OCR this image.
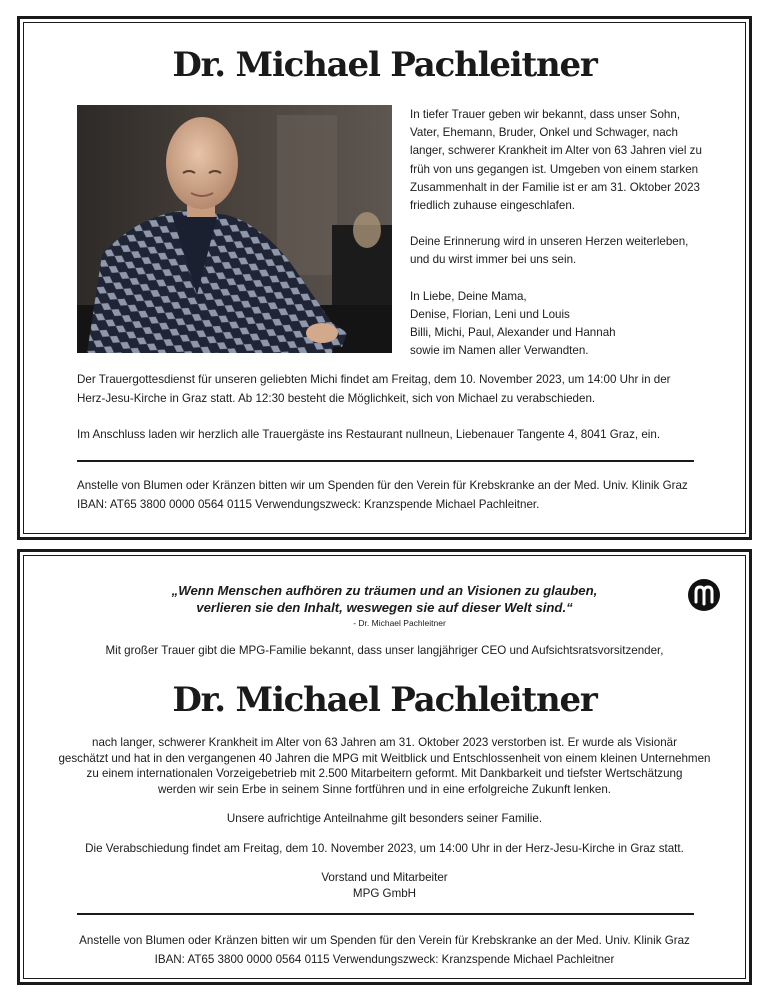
Dr. Michael Pachleitner

In tiefer Trauer geben wir bekannt, dass unser Sohn, Vater, Ehemann, Bruder, Onkel und Schwager, nach langer, schwerer Krankheit im Alter von 63 Jahren viel zu früh von uns gegangen ist. Umgeben von einem starken Zusammenhalt in der Familie ist er am 31. Oktober 2023 friedlich zuhause eingeschlafen.

Deine Erinnerung wird in unseren Herzen weiterleben, und du wirst immer bei uns sein.

In Liebe, Deine Mama,
Denise, Florian, Leni und Louis
Billi, Michi, Paul, Alexander und Hannah
sowie im Namen aller Verwandten.

Der Trauergottesdienst für unseren geliebten Michi findet am Freitag, dem 10. November 2023, um 14:00 Uhr in der Herz-Jesu-Kirche in Graz statt. Ab 12:30 besteht die Möglichkeit, sich von Michael zu verabschieden.

Im Anschluss laden wir herzlich alle Trauergäste ins Restaurant nullneun, Liebenauer Tangente 4, 8041 Graz, ein.

Anstelle von Blumen oder Kränzen bitten wir um Spenden für den Verein für Krebskranke an der Med. Univ. Klinik Graz IBAN: AT65 3800 0000 0564 0115 Verwendungszweck: Kranzspende Michael Pachleitner.
„Wenn Menschen aufhören zu träumen und an Visionen zu glauben,
verlieren sie den Inhalt, weswegen sie auf dieser Welt sind.“
- Dr. Michael Pachleitner
Mit großer Trauer gibt die MPG-Familie bekannt, dass unser langjähriger CEO und Aufsichtsratsvorsitzender,
Dr. Michael Pachleitner
nach langer, schwerer Krankheit im Alter von 63 Jahren am 31. Oktober 2023 verstorben ist. Er wurde als Visionär
geschätzt und hat in den vergangenen 40 Jahren die MPG mit Weitblick und Entschlossenheit von einem kleinen Unternehmen
zu einem internationalen Vorzeigebetrieb mit 2.500 Mitarbeitern geformt. Mit Dankbarkeit und tiefster Wertschätzung
werden wir sein Erbe in seinem Sinne fortführen und in eine erfolgreiche Zukunft lenken.
Unsere aufrichtige Anteilnahme gilt besonders seiner Familie.
Die Verabschiedung findet am Freitag, dem 10. November 2023, um 14:00 Uhr in der Herz-Jesu-Kirche in Graz statt.
Vorstand und Mitarbeiter
MPG GmbH
Anstelle von Blumen oder Kränzen bitten wir um Spenden für den Verein für Krebskranke an der Med. Univ. Klinik Graz
IBAN: AT65 3800 0000 0564 0115 Verwendungszweck: Kranzspende Michael Pachleitner
